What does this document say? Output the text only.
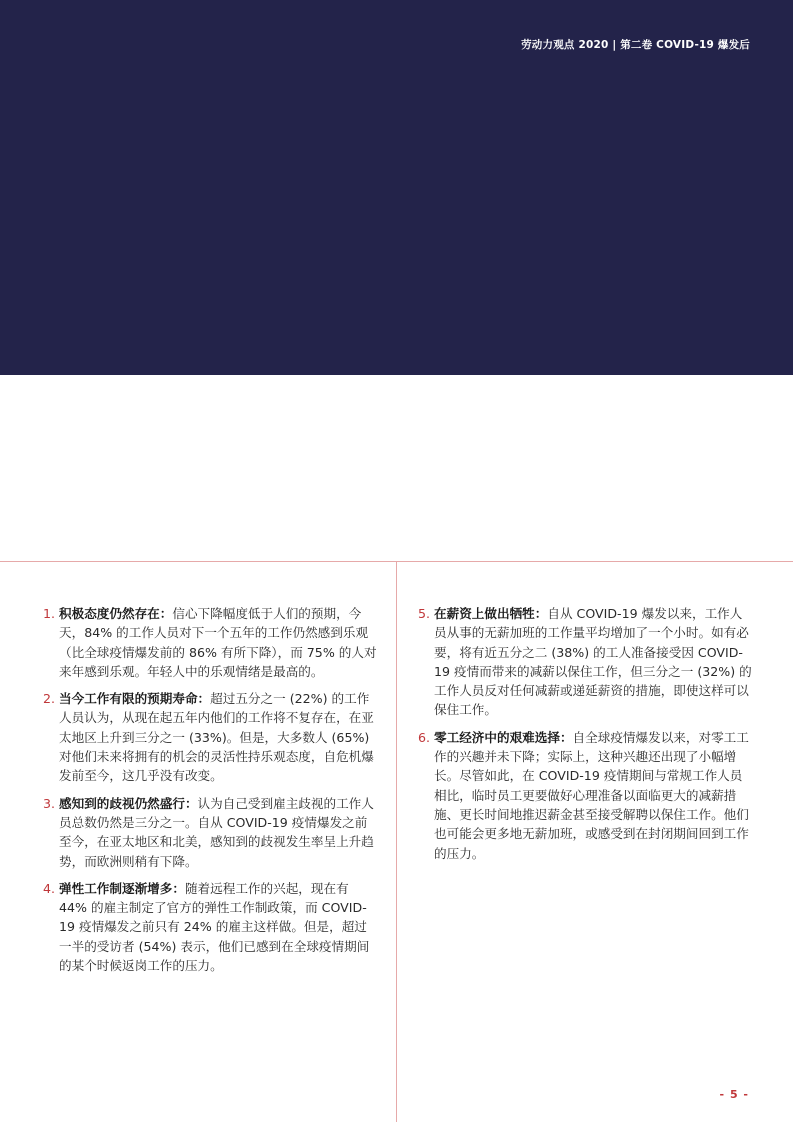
劳动力观点 2020 | 第二卷 COVID-19 爆发后
1. 积极态度仍然存在：信心下降幅度低于人们的预期，今天，84% 的工作人员对下一个五年的工作仍然感到乐观（比全球疫情爆发前的 86% 有所下降），而 75% 的人对来年感到乐观。年轻人中的乐观情绪是最高的。
2. 当今工作有限的预期寿命：超过五分之一 (22%) 的工作人员认为，从现在起五年内他们的工作将不复存在，在亚太地区上升到三分之一 (33%)。但是，大多数人 (65%) 对他们未来将拥有的机会的灵活性持乐观态度，自危机爆发前至今，这几乎没有改变。
3. 感知到的歧视仍然盛行：认为自己受到雇主歧视的工作人员总数仍然是三分之一。自从 COVID-19 疫情爆发之前至今，在亚太地区和北美，感知到的歧视发生率呈上升趋势，而欧洲则稍有下降。
4. 弹性工作制逐渐增多：随着远程工作的兴起，现在有 44% 的雇主制定了官方的弹性工作制政策，而 COVID-19 疫情爆发之前只有 24% 的雇主这样做。但是，超过一半的受访者 (54%) 表示，他们已感到在全球疫情期间的某个时候返岗工作的压力。
5. 在薪资上做出牺牲：自从 COVID-19 爆发以来，工作人员从事的无薪加班的工作量平均增加了一个小时。如有必要，将有近五分之二 (38%) 的工人准备接受因 COVID-19 疫情而带来的减薪以保住工作，但三分之一 (32%) 的工作人员反对任何减薪或递延薪资的措施，即使这样可以保住工作。
6. 零工经济中的艰难选择：自全球疫情爆发以来，对零工工作的兴趣并未下降；实际上，这种兴趣还出现了小幅增长。尽管如此，在 COVID-19 疫情期间与常规工作人员相比，临时员工更要做好心理准备以面临更大的减薪措施、更长时间地推迟薪金甚至接受解聘以保住工作。他们也可能会更多地无薪加班，或感受到在封闭期间回到工作的压力。
- 5 -
